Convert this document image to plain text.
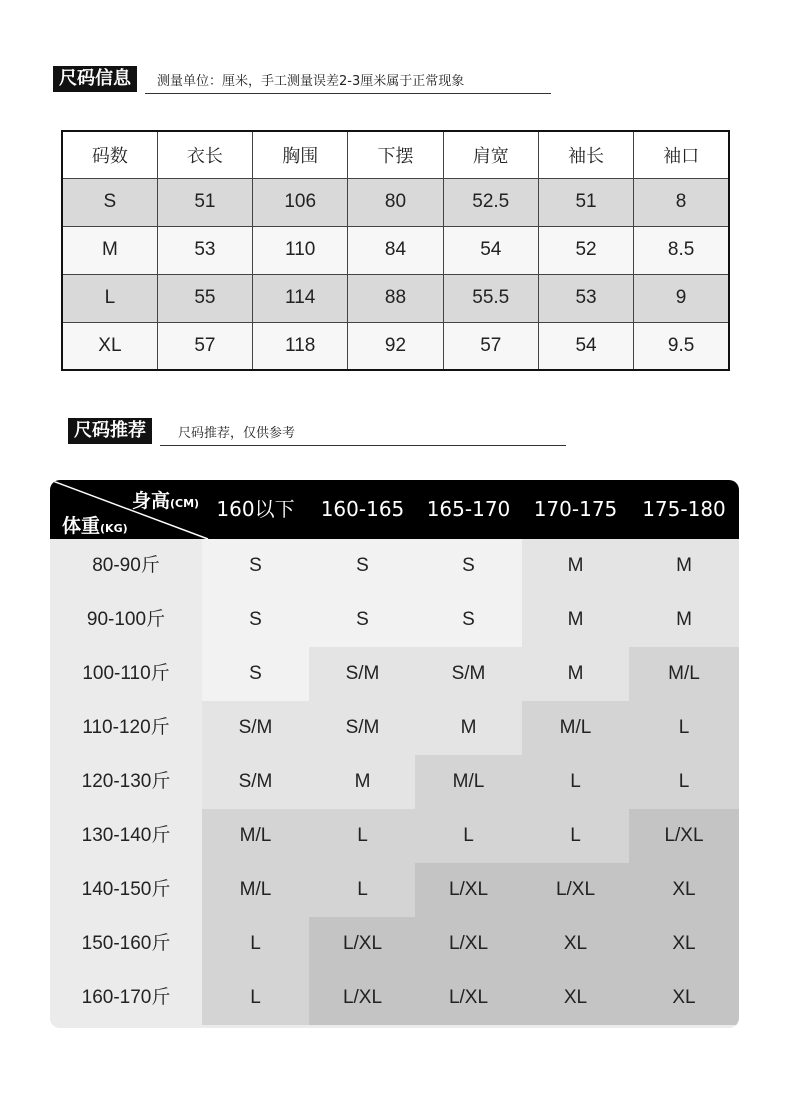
尺码信息	测量单位：厘米，手工测量误差2-3厘米属于正常现象
码数	衣长	胸围	下摆	肩宽	袖长	袖口
S	51	106	80	52.5	51	8
M	53	110	84	54	52	8.5
L	55	114	88	55.5	53	9
XL	57	118	92	57	54	9.5
尺码推荐	尺码推荐，仅供参考
身高(CM)
体重(KG)
160以下	160-165	165-170	170-175	175-180
80-90斤	S	S	S	M	M
90-100斤	S	S	S	M	M
100-110斤	S	S/M	S/M	M	M/L
110-120斤	S/M	S/M	M	M/L	L
120-130斤	S/M	M	M/L	L	L
130-140斤	M/L	L	L	L	L/XL
140-150斤	M/L	L	L/XL	L/XL	XL
150-160斤	L	L/XL	L/XL	XL	XL
160-170斤	L	L/XL	L/XL	XL	XL
